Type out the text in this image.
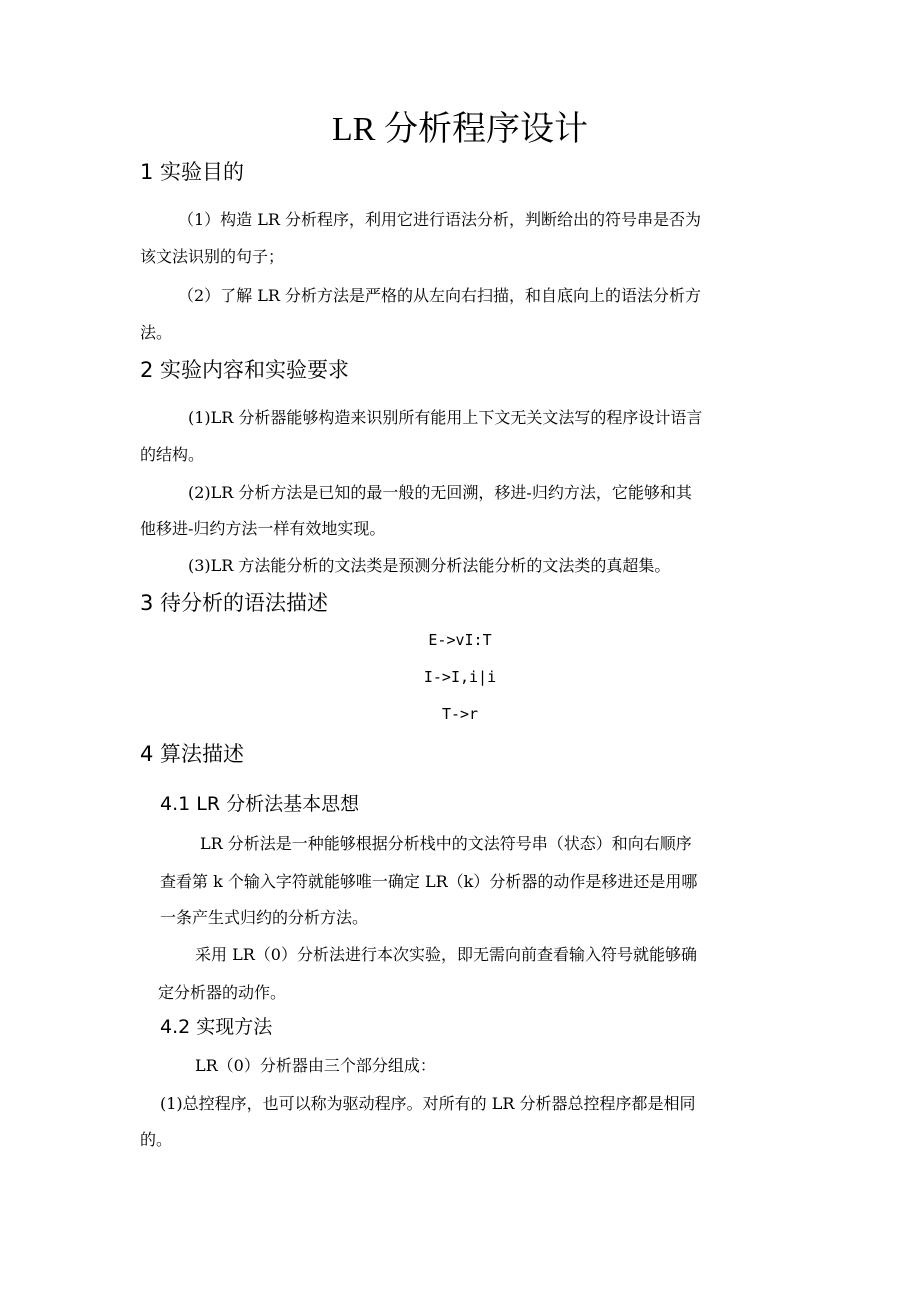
LR 分析程序设计
1 实验目的
（1）构造 LR 分析程序，利用它进行语法分析，判断给出的符号串是否为
该文法识别的句子；
（2）了解 LR 分析方法是严格的从左向右扫描，和自底向上的语法分析方
法。
2 实验内容和实验要求
(1)LR 分析器能够构造来识别所有能用上下文无关文法写的程序设计语言
的结构。
(2)LR 分析方法是已知的最一般的无回溯，移进-归约方法，它能够和其
他移进-归约方法一样有效地实现。
(3)LR 方法能分析的文法类是预测分析法能分析的文法类的真超集。
3 待分析的语法描述
E->vI:T
I->I,i|i
T->r
4 算法描述
4.1 LR 分析法基本思想
LR 分析法是一种能够根据分析栈中的文法符号串（状态）和向右顺序
查看第 k 个输入字符就能够唯一确定 LR（k）分析器的动作是移进还是用哪
一条产生式归约的分析方法。
采用 LR（0）分析法进行本次实验，即无需向前查看输入符号就能够确
定分析器的动作。
4.2 实现方法
LR（0）分析器由三个部分组成：
(1)总控程序，也可以称为驱动程序。对所有的 LR 分析器总控程序都是相同
的。
